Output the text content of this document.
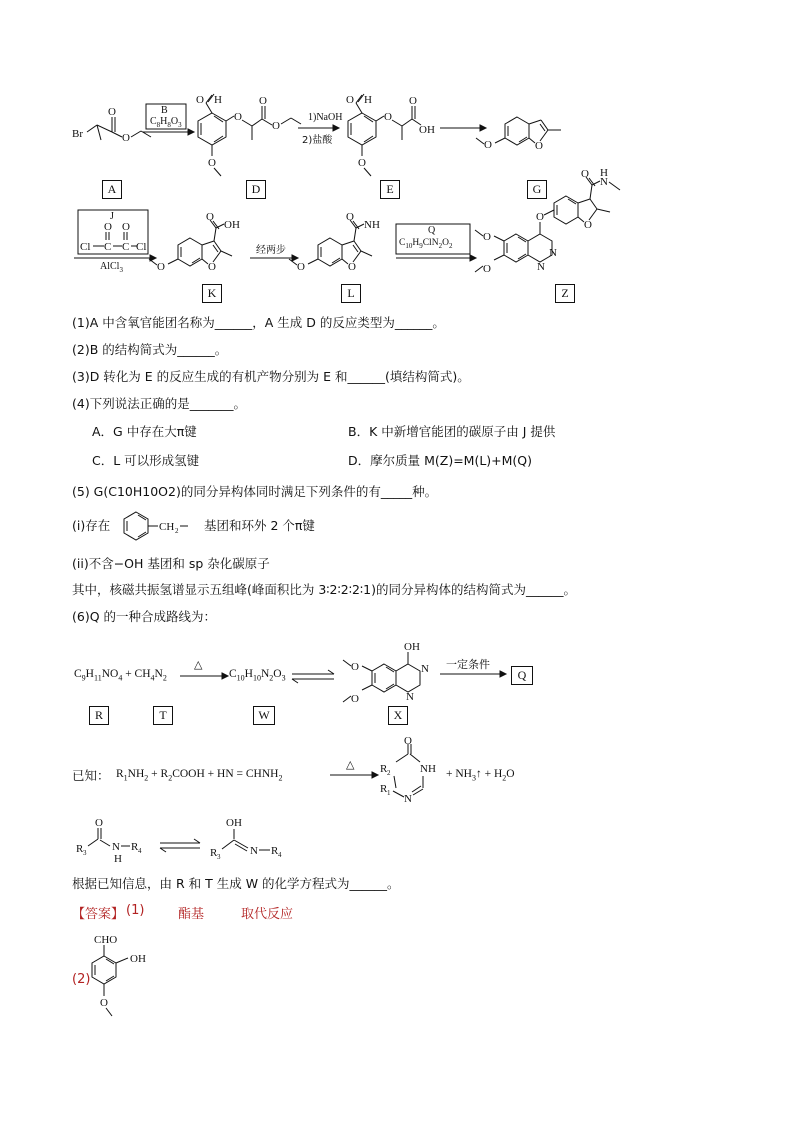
Br
O
O
O H
O
O
O
O
O H
O
O
OH
O
O
O
Cl C
O
C
O
Cl
O
O
OH
O	O
O
NH
O
N
N
O
O
O
O
O
N
H
B
$C_8H_8O_3$
1)NaOH
2)盐酸
J
AlCl$_3$
经两步
Q
$C_{10}H_9ClN_2O_2$
A	D	E	G
K	L	Z
(1)A 中含氧官能团名称为______，A 生成 D 的反应类型为______。
(2)B 的结构简式为______。
(3)D 转化为 E 的反应生成的有机产物分别为 E 和______(填结构简式)。
(4)下列说法正确的是_______。
A．G 中存在大π键	B．K 中新增官能团的碳原子由 J 提供
C．L 可以形成氢键	D．摩尔质量 M(Z)=M(L)+M(Q)
(5) G(C10H10O2)的同分异构体同时满足下列条件的有_____种。
(i)存在	CH 2 基团和环外 2 个π键
(ii)不含−OH 基团和 sp 杂化碳原子
其中，核磁共振氢谱显示五组峰(峰面积比为 3∶2∶2∶2∶1)的同分异构体的结构简式为______。
(6)Q 的一种合成路线为：
$C_9H_{11}NO_4 + CH_4N_2$	$C_{10}H_{10}N_2O_3$
△	一定条件
N
N
OH
O
O
Q
R	T	W	X
已知： $R_1NH_2$ + $R_2COOH$ + HN = $CHNH_2$
△
+ $NH_3↑ + H_2O$
O
NH
R 2
R 1 N
R 3
O
N
H
R 4
OH
R 3	N R 4
根据已知信息，由 R 和 T 生成 W 的化学方程式为______。
【答案】 (1)	酯基	取代反应
(2)
CHO
OH
O
